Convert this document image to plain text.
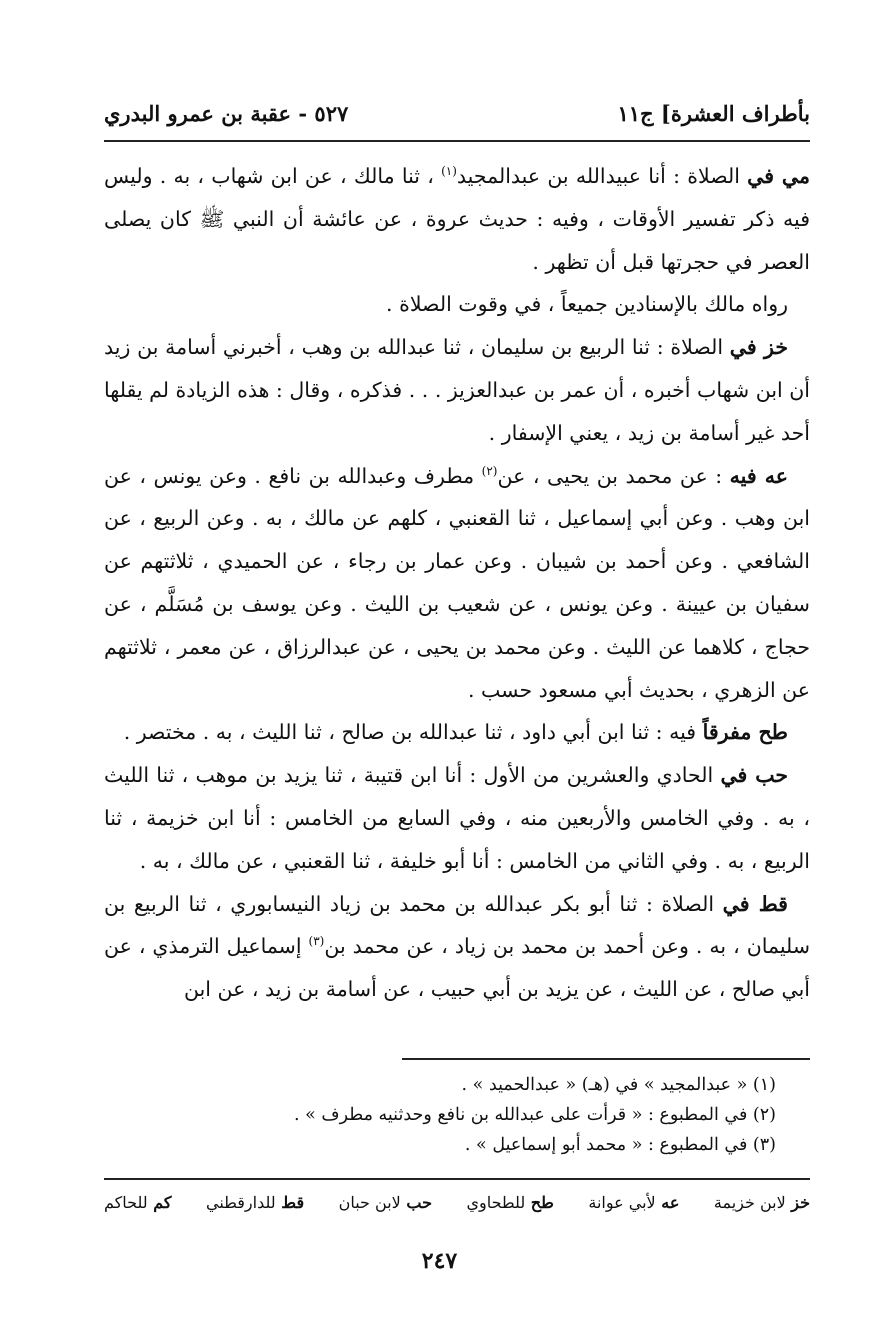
بأطراف العشرة] ج١١
٥٢٧ - عقبة بن عمرو البدري

مي في الصلاة : أنا عبيدالله بن عبدالمجيد$^{(١)}$ ، ثنا مالك ، عن ابن شهاب ، به . وليس فيه ذكر تفسير الأوقات ، وفيه : حديث عروة ، عن عائشة أن النبي ﷺ كان يصلى العصر في حجرتها قبل أن تظهر .

رواه مالك بالإسنادين جميعاً ، في وقوت الصلاة .

خز في الصلاة : ثنا الربيع بن سليمان ، ثنا عبدالله بن وهب ، أخبرني أسامة بن زيد أن ابن شهاب أخبره ، أن عمر بن عبدالعزيز . . . فذكره ، وقال : هذه الزيادة لم يقلها أحد غير أسامة بن زيد ، يعني الإسفار .

عه فيه : عن محمد بن يحيى ، عن$^{(٢)}$ مطرف وعبدالله بن نافع . وعن يونس ، عن ابن وهب . وعن أبي إسماعيل ، ثنا القعنبي ، كلهم عن مالك ، به . وعن الربيع ، عن الشافعي . وعن أحمد بن شيبان . وعن عمار بن رجاء ، عن الحميدي ، ثلاثتهم عن سفيان بن عيينة . وعن يونس ، عن شعيب بن الليث . وعن يوسف بن مُسَلَّم ، عن حجاج ، كلاهما عن الليث . وعن محمد بن يحيى ، عن عبدالرزاق ، عن معمر ، ثلاثتهم عن الزهري ، بحديث أبي مسعود حسب .

طح مفرقاً فيه : ثنا ابن أبي داود ، ثنا عبدالله بن صالح ، ثنا الليث ، به . مختصر .

حب في الحادي والعشرين من الأول : أنا ابن قتيبة ، ثنا يزيد بن موهب ، ثنا الليث ، به . وفي الخامس والأربعين منه ، وفي السابع من الخامس : أنا ابن خزيمة ، ثنا الربيع ، به . وفي الثاني من الخامس : أنا أبو خليفة ، ثنا القعنبي ، عن مالك ، به .

قط في الصلاة : ثنا أبو بكر عبدالله بن محمد بن زياد النيسابوري ، ثنا الربيع بن سليمان ، به . وعن أحمد بن محمد بن زياد ، عن محمد بن$^{(٣)}$ إسماعيل الترمذي ، عن أبي صالح ، عن الليث ، عن يزيد بن أبي حبيب ، عن أسامة بن زيد ، عن ابن

(١) « عبدالمجيد » في (هـ) « عبدالحميد » .
(٢) في المطبوع : « قرأت على عبدالله بن نافع وحدثنيه مطرف » .
(٣) في المطبوع : « محمد أبو إسماعيل » .
خز لابن خزيمة
عه لأبي عوانة
طح للطحاوي
حب لابن حبان
قط للدارقطني
كم للحاكم
٢٤٧
